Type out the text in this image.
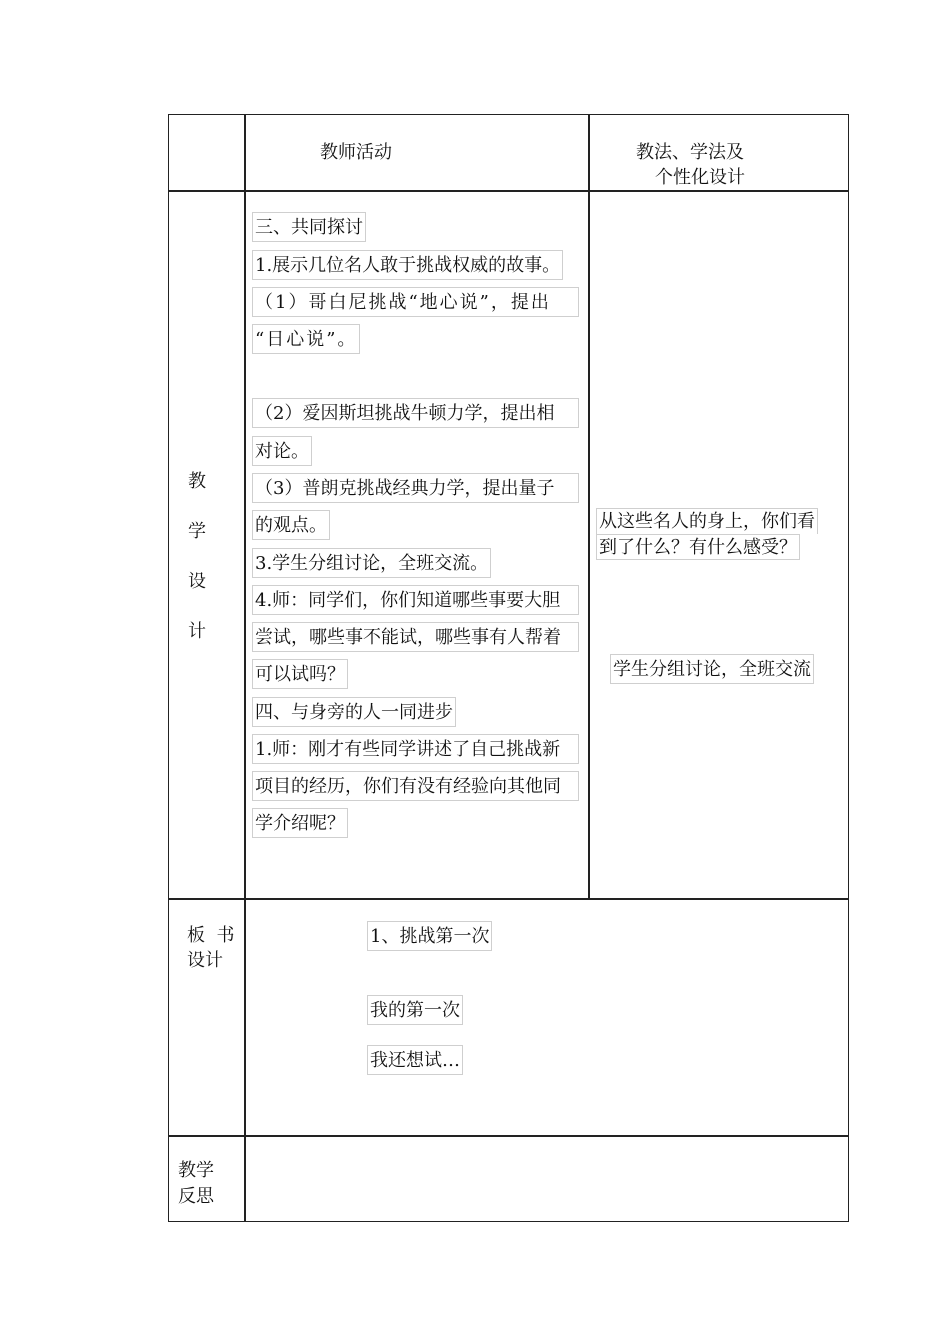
教师活动	教法、学法及
个性化设计
教
学
设
计
三、共同探讨
1.展示几位名人敢于挑战权威的故事。
（1）哥白尼挑战“地心说”，提出
“日心说”。
（2）爱因斯坦挑战牛顿力学，提出相
对论。
（3）普朗克挑战经典力学，提出量子
的观点。
3.学生分组讨论，全班交流。
4.师：同学们，你们知道哪些事要大胆
尝试，哪些事不能试，哪些事有人帮着
可以试吗？
四、与身旁的人一同进步
1.师：刚才有些同学讲述了自己挑战新
项目的经历，你们有没有经验向其他同
学介绍呢？
从这些名人的身上，你们看
到了什么？有什么感受？
学生分组讨论，全班交流
板  书
设计
1、挑战第一次
我的第一次
我还想试…
教学
反思
